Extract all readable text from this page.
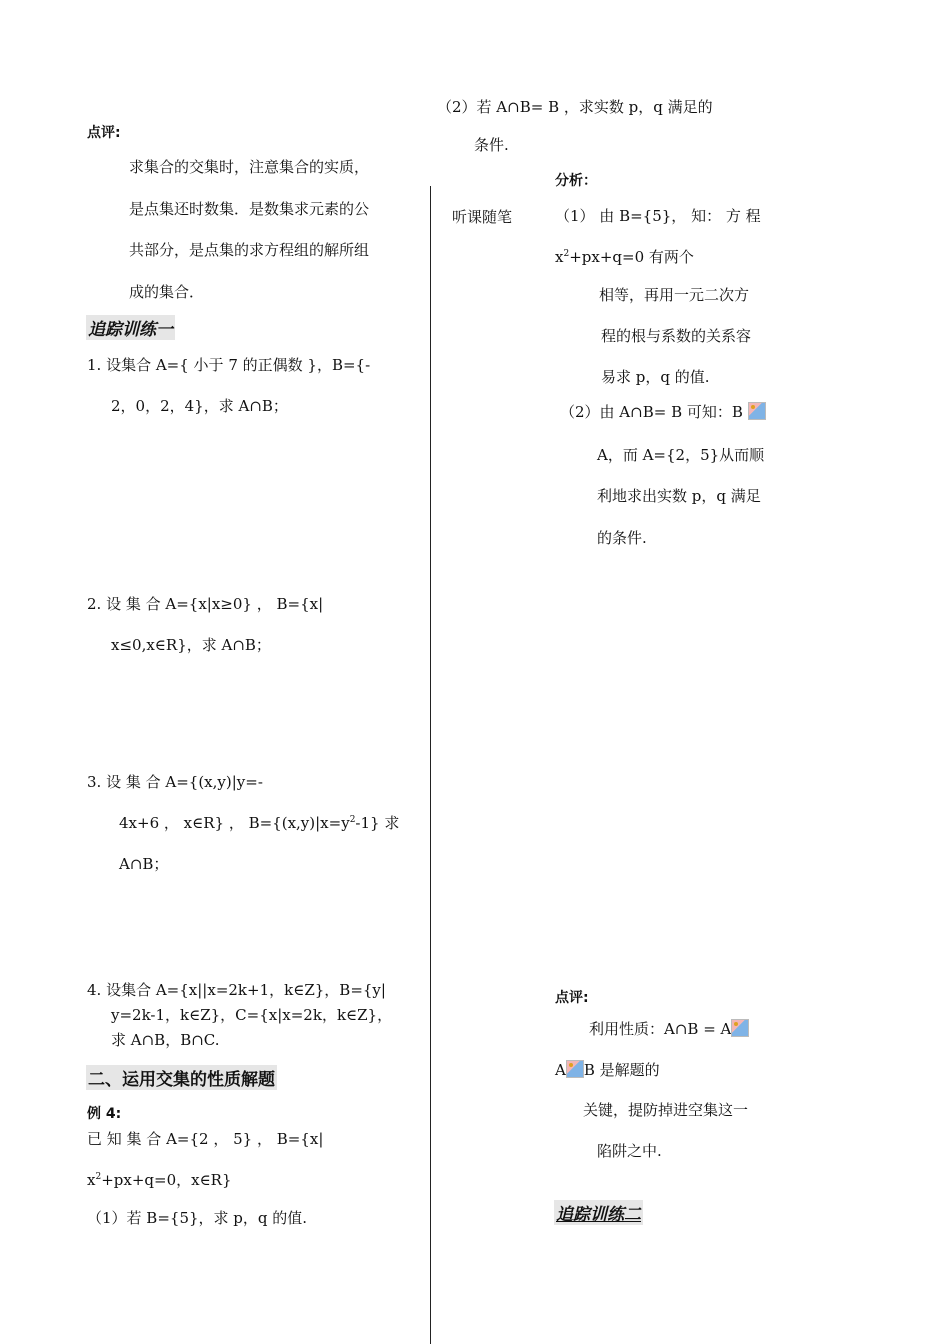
点评:
求集合的交集时，注意集合的实质，
是点集还时数集．是数集求元素的公
共部分，是点集的求方程组的解所组
成的集合．
追踪训练一
1. 设集合 A={ 小于 7 的正偶数 }，B={-
2，0，2，4}，求 A∩B；
2. 设 集 合 A={x|x≥0} ， B={x|
x≤0,x∈R}，求 A∩B；
3. 设 集 合 A={(x,y)|y=-
4x+6 ， x∈R} ， $B=\{(x,y)|x=y^2-1\}$ 求
A∩B；
4. 设集合 A={x||x=2k+1，k∈Z}，B={y|
y=2k-1，k∈Z}，C={x|x=2k，k∈Z}，
求 A∩B，B∩C.
二、运用交集的性质解题
例 4:
已 知 集 合 A={2 ， 5} ， B={x|
$x^2+px+q=0$，x∈R}
（1）若 B={5}，求 p，q 的值.
（2）若 A∩B= B ，求实数 p，q 满足的
条件.
听课随笔
分析：
（1） 由 B={5}， 知： 方 程
$x^2+px+q=0$ 有两个
相等，再用一元二次方
程的根与系数的关系容
易求 p，q 的值.
（2）由 A∩B= B 可知：B
A，而 A={2，5}从而顺
利地求出实数 p，q 满足
的条件.
点评:
利用性质：A∩B = A
A B 是解题的
关键，提防掉进空集这一
陷阱之中.
追踪训练二
